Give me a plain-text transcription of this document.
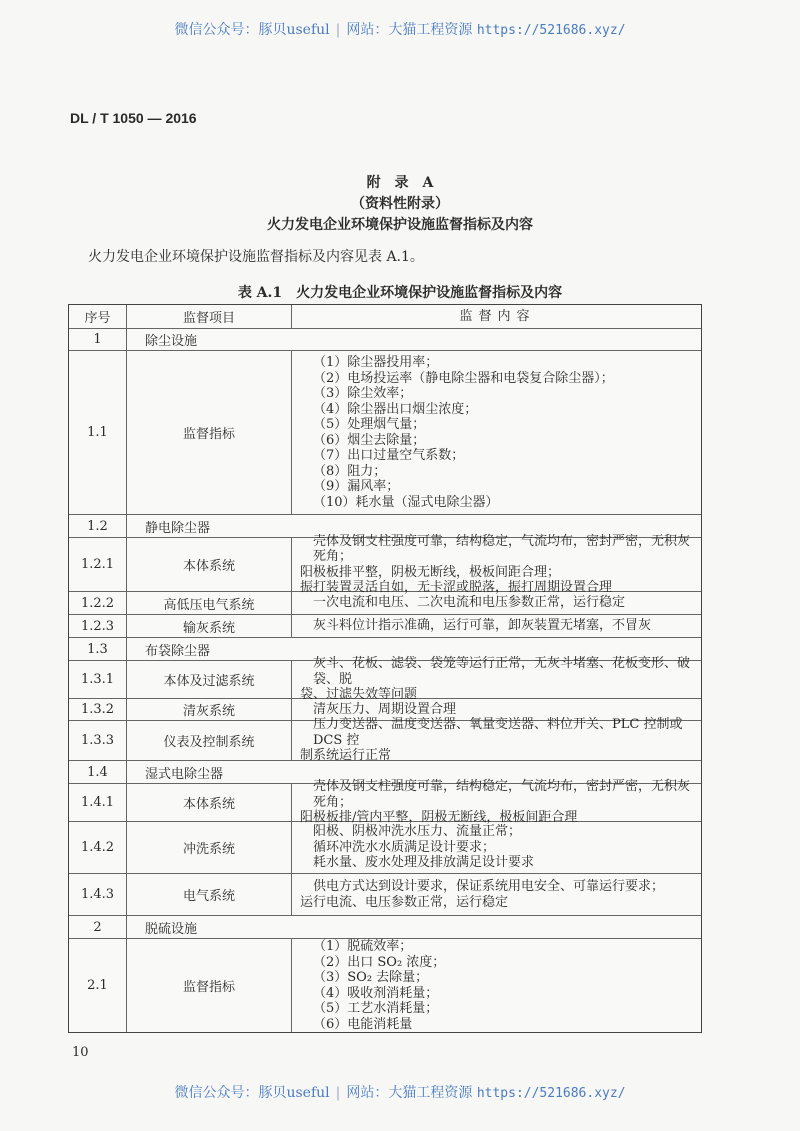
微信公众号：豚贝useful | 网站：大猫工程资源 https://521686.xyz/
DL / T 1050 — 2016
附　录　A
（资料性附录）
火力发电企业环境保护设施监督指标及内容
火力发电企业环境保护设施监督指标及内容见表 A.1。
表 A.1　火力发电企业环境保护设施监督指标及内容
序号	监督项目	监督内容
1	除尘设施
1.1	监督指标
（1）除尘器投用率；
（2）电场投运率（静电除尘器和电袋复合除尘器）；
（3）除尘效率；
（4）除尘器出口烟尘浓度；
（5）处理烟气量；
（6）烟尘去除量；
（7）出口过量空气系数；
（8）阻力；
（9）漏风率；
（10）耗水量（湿式电除尘器）
1.2	静电除尘器
1.2.1	本体系统
壳体及钢支柱强度可靠，结构稳定，气流均布，密封严密，无积灰死角；
阳极板排平整，阴极无断线，极板间距合理；
振打装置灵活自如，无卡涩或脱落，振打周期设置合理
1.2.2	高低压电气系统	一次电流和电压、二次电流和电压参数正常，运行稳定
1.2.3	输灰系统	灰斗料位计指示准确，运行可靠，卸灰装置无堵塞，不冒灰
1.3	布袋除尘器
1.3.1	本体及过滤系统
灰斗、花板、滤袋、袋笼等运行正常，无灰斗堵塞、花板变形、破袋、脱
袋、过滤失效等问题
1.3.2	清灰系统	清灰压力、周期设置合理
1.3.3	仪表及控制系统
压力变送器、温度变送器、氧量变送器、料位开关、PLC 控制或 DCS 控
制系统运行正常
1.4	湿式电除尘器
1.4.1	本体系统
壳体及钢支柱强度可靠，结构稳定，气流均布，密封严密，无积灰死角；
阳极板排/管内平整，阴极无断线，极板间距合理
1.4.2	冲洗系统
阳极、阴极冲洗水压力、流量正常；
循环冲洗水水质满足设计要求；
耗水量、废水处理及排放满足设计要求
1.4.3	电气系统
供电方式达到设计要求，保证系统用电安全、可靠运行要求；
运行电流、电压参数正常，运行稳定
2	脱硫设施
2.1	监督指标
（1）脱硫效率；
（2）出口 SO₂ 浓度；
（3）SO₂ 去除量；
（4）吸收剂消耗量；
（5）工艺水消耗量；
（6）电能消耗量
10
微信公众号：豚贝useful | 网站：大猫工程资源 https://521686.xyz/
